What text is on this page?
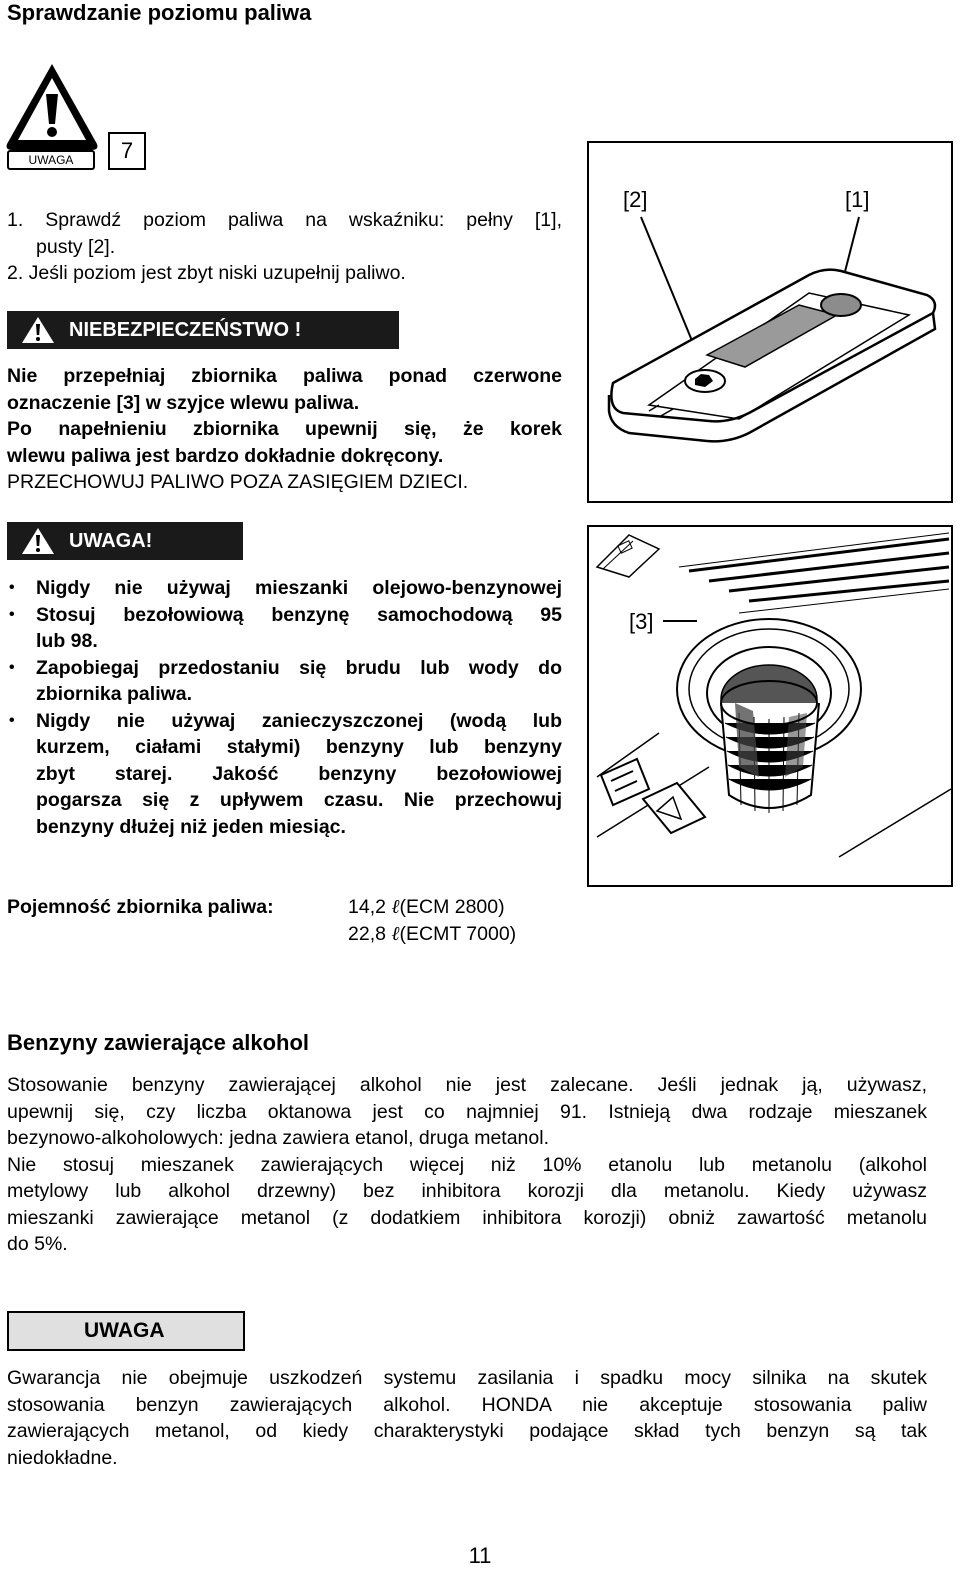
Sprawdzanie poziomu paliwa
UWAGA	7

1. Sprawdź poziom paliwa na wskaźniku: pełny [1],

pusty [2].

2. Jeśli poziom jest zbyt niski uzupełnij paliwo.

NIEBEZPIECZEŃSTWO !

Nie przepełniaj zbiornika paliwa ponad czerwone

oznaczenie [3] w szyjce wlewu paliwa.

Po napełnieniu zbiornika upewnij się, że korek

wlewu paliwa jest bardzo dokładnie dokręcony.

PRZECHOWUJ PALIWO POZA ZASIĘGIEM DZIECI.

UWAGA!
• Nigdy nie używaj mieszanki olejowo-benzynowej
• Stosuj bezołowiową benzynę samochodową 95
lub 98.
• Zapobiegaj przedostaniu się brudu lub wody do
zbiornika paliwa.
• Nigdy nie używaj zanieczyszczonej (wodą lub
kurzem, ciałami stałymi) benzyny lub benzyny
zbyt starej. Jakość benzyny bezołowiowej
pogarsza się z upływem czasu. Nie przechowuj
benzyny dłużej niż jeden miesiąc.
[2]	[1]
[3]
Pojemność zbiornika paliwa:	14,2 ℓ(ECM 2800)
22,8 ℓ(ECMT 7000)
Benzyny zawierające alkohol

Stosowanie benzyny zawierającej alkohol nie jest zalecane. Jeśli jednak ją, używasz,

upewnij się, czy liczba oktanowa jest co najmniej 91. Istnieją dwa rodzaje mieszanek

bezynowo-alkoholowych: jedna zawiera etanol, druga metanol.

Nie stosuj mieszanek zawierających więcej niż 10% etanolu lub metanolu (alkohol

metylowy lub alkohol drzewny) bez inhibitora korozji dla metanolu. Kiedy używasz

mieszanki zawierające metanol (z dodatkiem inhibitora korozji) obniż zawartość metanolu

do 5%.

UWAGA

Gwarancja nie obejmuje uszkodzeń systemu zasilania i spadku mocy silnika na skutek

stosowania benzyn zawierających alkohol. HONDA nie akceptuje stosowania paliw

zawierających metanol, od kiedy charakterystyki podające skład tych benzyn są tak

niedokładne.

11
